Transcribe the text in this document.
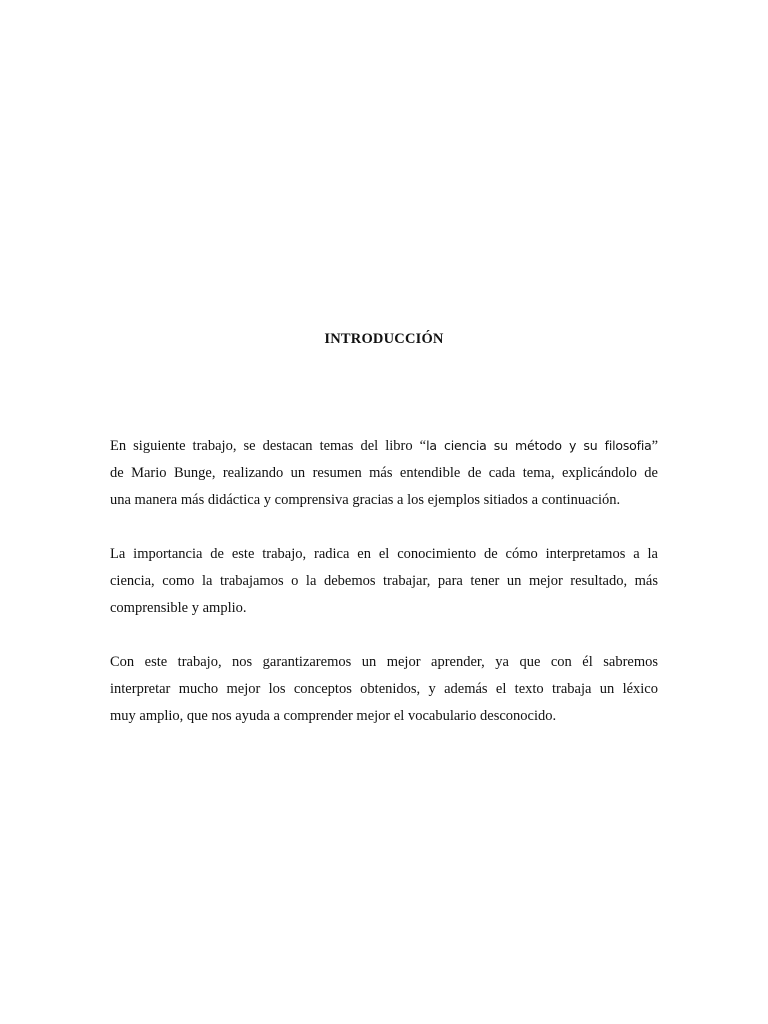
INTRODUCCIÓN
En siguiente trabajo, se destacan temas del libro “la ciencia su método y su filosofia”
de Mario Bunge, realizando un resumen más entendible de cada tema, explicándolo de
una manera más didáctica y comprensiva gracias a los ejemplos sitiados a continuación.
La importancia de este trabajo, radica en el conocimiento de cómo interpretamos a la
ciencia, como la trabajamos o la debemos trabajar, para tener un mejor resultado, más
comprensible y amplio.
Con este trabajo, nos garantizaremos un mejor aprender, ya que con él sabremos
interpretar mucho mejor los conceptos obtenidos, y además el texto trabaja un léxico
muy amplio, que nos ayuda a comprender mejor el vocabulario desconocido.
